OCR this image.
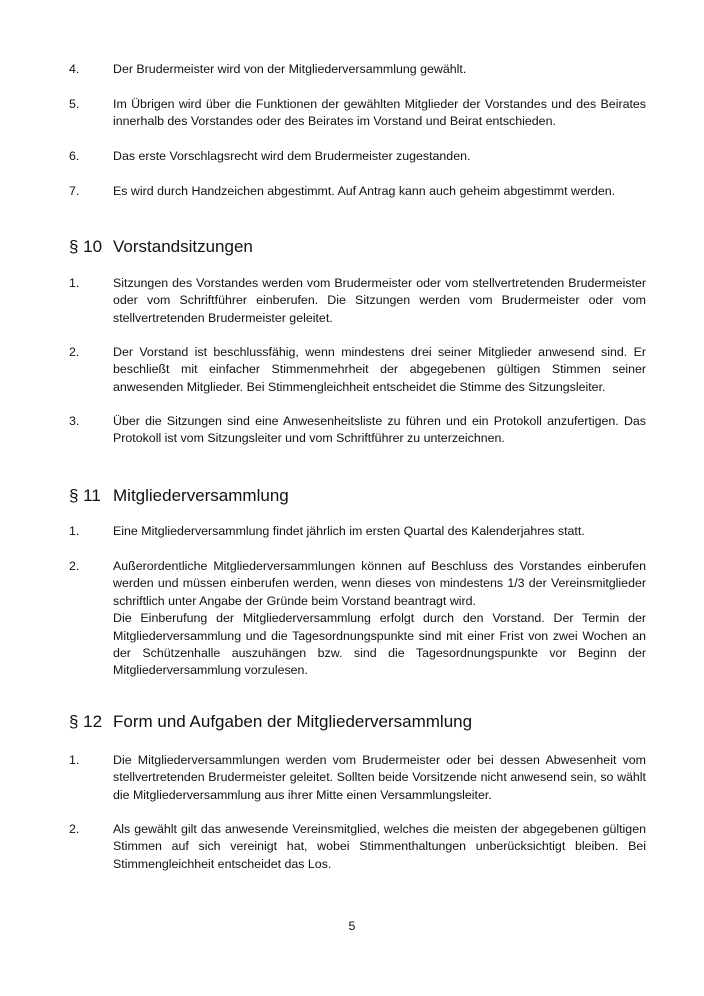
4.	Der Brudermeister wird von der Mitgliederversammlung gewählt.
5.	Im Übrigen wird über die Funktionen der gewählten Mitglieder der Vorstandes und des Beirates innerhalb des Vorstandes oder des Beirates im Vorstand und Beirat entschieden.
6.	Das erste Vorschlagsrecht wird dem Brudermeister zugestanden.
7.	Es wird durch Handzeichen abgestimmt. Auf Antrag kann auch geheim abgestimmt werden.
§ 10 Vorstandsitzungen
1.	Sitzungen des Vorstandes werden vom Brudermeister oder vom stellvertretenden Brudermeister oder vom Schriftführer einberufen. Die Sitzungen werden vom Brudermeister oder vom stellvertretenden Brudermeister geleitet.
2.	Der Vorstand ist beschlussfähig, wenn mindestens drei seiner Mitglieder anwesend sind. Er beschließt mit einfacher Stimmenmehrheit der abgegebenen gültigen Stimmen seiner anwesenden Mitglieder. Bei Stimmengleichheit entscheidet die Stimme des Sitzungsleiter.
3.	Über die Sitzungen sind eine Anwesenheitsliste zu führen und ein Protokoll anzufertigen. Das Protokoll ist vom Sitzungsleiter und vom Schriftführer zu unterzeichnen.
§ 11 Mitgliederversammlung
1.	Eine Mitgliederversammlung findet jährlich im ersten Quartal des Kalenderjahres statt.
2.	Außerordentliche Mitgliederversammlungen können auf Beschluss des Vorstandes einberufen werden und müssen einberufen werden, wenn dieses von mindestens 1/3 der Vereinsmitglieder schriftlich unter Angabe der Gründe beim Vorstand beantragt wird.
Die Einberufung der Mitgliederversammlung erfolgt durch den Vorstand. Der Termin der Mitgliederversammlung und die Tagesordnungspunkte sind mit einer Frist von zwei Wochen an der Schützenhalle auszuhängen bzw. sind die Tagesordnungspunkte vor Beginn der Mitgliederversammlung vorzulesen.
§ 12 Form und Aufgaben der Mitgliederversammlung
1.	Die Mitgliederversammlungen werden vom Brudermeister oder bei dessen Abwesenheit vom stellvertretenden Brudermeister geleitet. Sollten beide Vorsitzende nicht anwesend sein, so wählt die Mitgliederversammlung aus ihrer Mitte einen Versammlungsleiter.
2.	Als gewählt gilt das anwesende Vereinsmitglied, welches die meisten der abgegebenen gültigen Stimmen auf sich vereinigt hat, wobei Stimmenthaltungen unberücksichtigt bleiben. Bei Stimmengleichheit entscheidet das Los.
5
